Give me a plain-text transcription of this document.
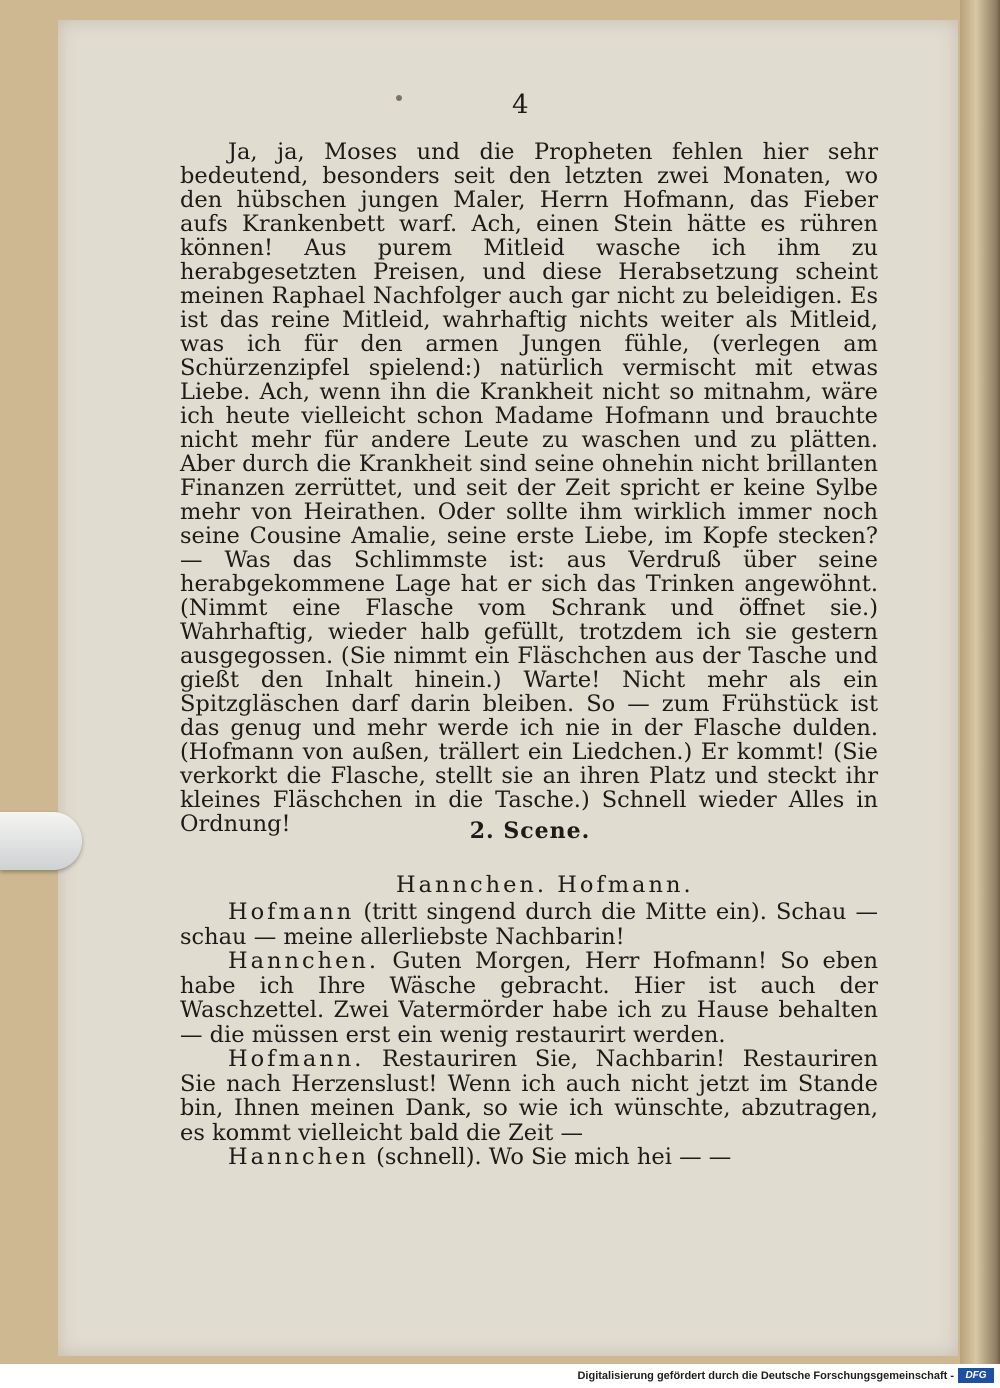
4

Ja, ja, Moses und die Propheten fehlen hier sehr bedeutend, besonders seit den letzten zwei Monaten, wo den hübschen jungen Maler, Herrn Hofmann, das Fieber aufs Krankenbett warf. Ach, einen Stein hätte es rühren können! Aus purem Mitleid wasche ich ihm zu herabgesetzten Preisen, und diese Herabsetzung scheint meinen Raphael Nachfolger auch gar nicht zu beleidigen. Es ist das reine Mitleid, wahrhaftig nichts weiter als Mitleid, was ich für den armen Jungen fühle, (verlegen am Schürzenzipfel spielend:) natürlich vermischt mit etwas Liebe. Ach, wenn ihn die Krankheit nicht so mitnahm, wäre ich heute vielleicht schon Madame Hofmann und brauchte nicht mehr für andere Leute zu waschen und zu plätten. Aber durch die Krankheit sind seine ohnehin nicht brillanten Finanzen zerrüttet, und seit der Zeit spricht er keine Sylbe mehr von Heirathen. Oder sollte ihm wirklich immer noch seine Cousine Amalie, seine erste Liebe, im Kopfe stecken? — Was das Schlimmste ist: aus Verdruß über seine herabgekommene Lage hat er sich das Trinken angewöhnt. (Nimmt eine Flasche vom Schrank und öffnet sie.) Wahrhaftig, wieder halb gefüllt, trotzdem ich sie gestern ausgegossen. (Sie nimmt ein Fläschchen aus der Tasche und gießt den Inhalt hinein.) Warte! Nicht mehr als ein Spitzgläschen darf darin bleiben. So — zum Frühstück ist das genug und mehr werde ich nie in der Flasche dulden. (Hofmann von außen, trällert ein Liedchen.) Er kommt! (Sie verkorkt die Flasche, stellt sie an ihren Platz und steckt ihr kleines Fläschchen in die Tasche.) Schnell wieder Alles in Ordnung!	2. Scene.
Hannchen. Hofmann.

Hofmann (tritt singend durch die Mitte ein). Schau — schau — meine allerliebste Nachbarin!

Hannchen. Guten Morgen, Herr Hofmann! So eben habe ich Ihre Wäsche gebracht. Hier ist auch der Waschzettel. Zwei Vatermörder habe ich zu Hause behalten — die müssen erst ein wenig restaurirt werden.

Hofmann. Restauriren Sie, Nachbarin! Restauriren Sie nach Herzenslust! Wenn ich auch nicht jetzt im Stande bin, Ihnen meinen Dank, so wie ich wünschte, abzutragen, es kommt vielleicht bald die Zeit —

Hannchen (schnell). Wo Sie mich hei — —

Digitalisierung gefördert durch die Deutsche Forschungsgemeinschaft -	DFG
